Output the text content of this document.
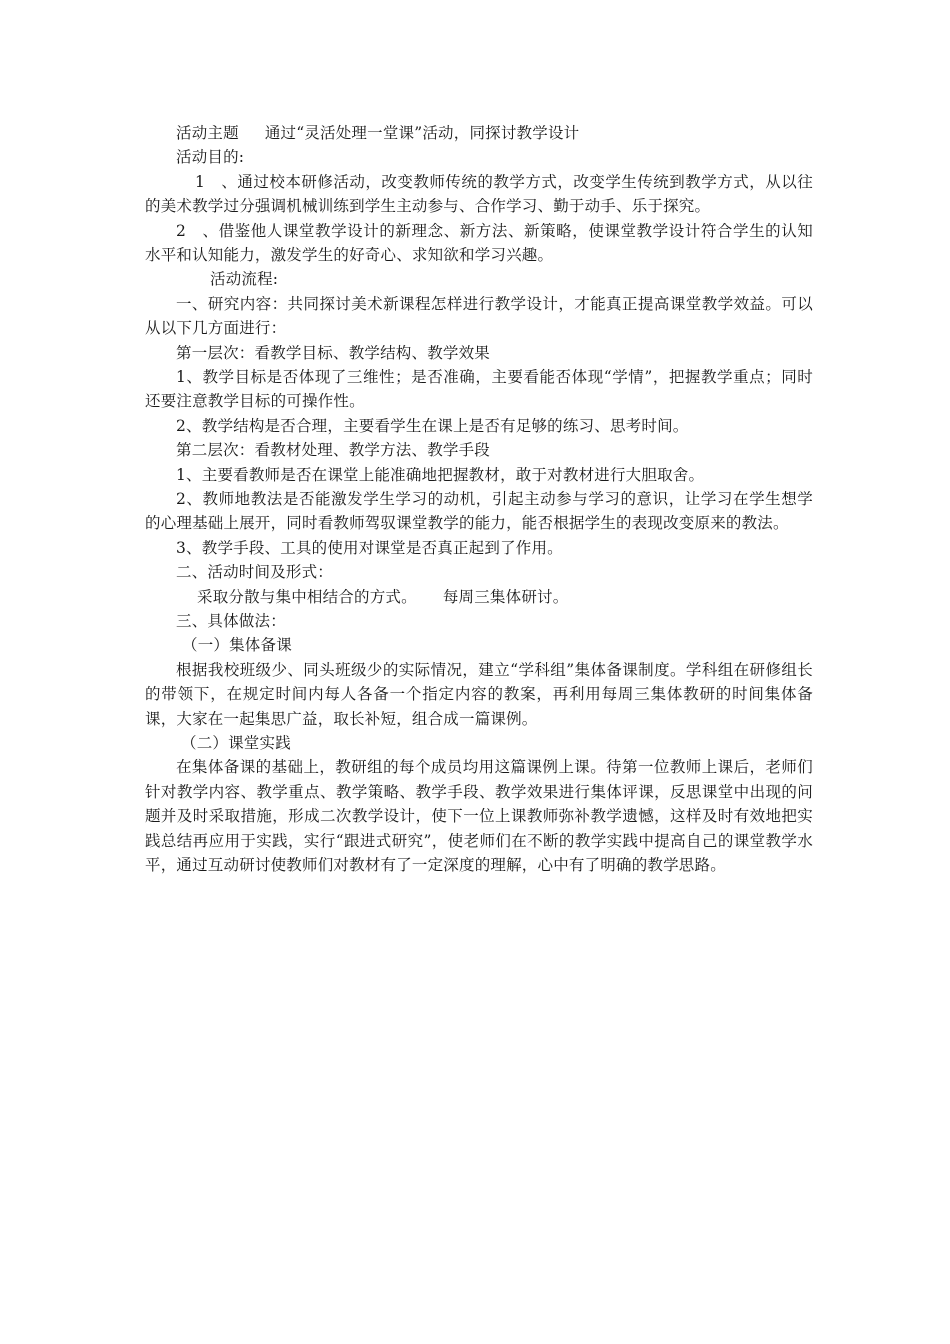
活动主题 通过“灵活处理一堂课”活动，同探讨教学设计
活动目的:
1　、通过校本研修活动，改变教师传统的教学方式，改变学生传统到教学方式，从以往的美术教学过分强调机械训练到学生主动参与、合作学习、勤于动手、乐于探究。
2　、借鉴他人课堂教学设计的新理念、新方法、新策略，使课堂教学设计符合学生的认知水平和认知能力，激发学生的好奇心、求知欲和学习兴趣。
活动流程:
一、研究内容：共同探讨美术新课程怎样进行教学设计，才能真正提高课堂教学效益。可以从以下几方面进行：
第一层次：看教学目标、教学结构、教学效果
1、教学目标是否体现了三维性；是否准确，主要看能否体现“学情”，把握教学重点；同时还要注意教学目标的可操作性。
2、教学结构是否合理，主要看学生在课上是否有足够的练习、思考时间。
第二层次：看教材处理、教学方法、教学手段
1、主要看教师是否在课堂上能准确地把握教材，敢于对教材进行大胆取舍。
2、教师地教法是否能激发学生学习的动机，引起主动参与学习的意识，让学习在学生想学的心理基础上展开，同时看教师驾驭课堂教学的能力，能否根据学生的表现改变原来的教法。
3、教学手段、工具的使用对课堂是否真正起到了作用。
二、活动时间及形式：
采取分散与集中相结合的方式。 每周三集体研讨。
三、具体做法：
（一）集体备课
根据我校班级少、同头班级少的实际情况，建立“学科组”集体备课制度。学科组在研修组长的带领下，在规定时间内每人各备一个指定内容的教案，再利用每周三集体教研的时间集体备课，大家在一起集思广益，取长补短，组合成一篇课例。
（二）课堂实践
在集体备课的基础上，教研组的每个成员均用这篇课例上课。待第一位教师上课后，老师们针对教学内容、教学重点、教学策略、教学手段、教学效果进行集体评课，反思课堂中出现的问题并及时采取措施，形成二次教学设计，使下一位上课教师弥补教学遗憾，这样及时有效地把实践总结再应用于实践，实行“跟进式研究”，使老师们在不断的教学实践中提高自己的课堂教学水平，通过互动研讨使教师们对教材有了一定深度的理解，心中有了明确的教学思路。
